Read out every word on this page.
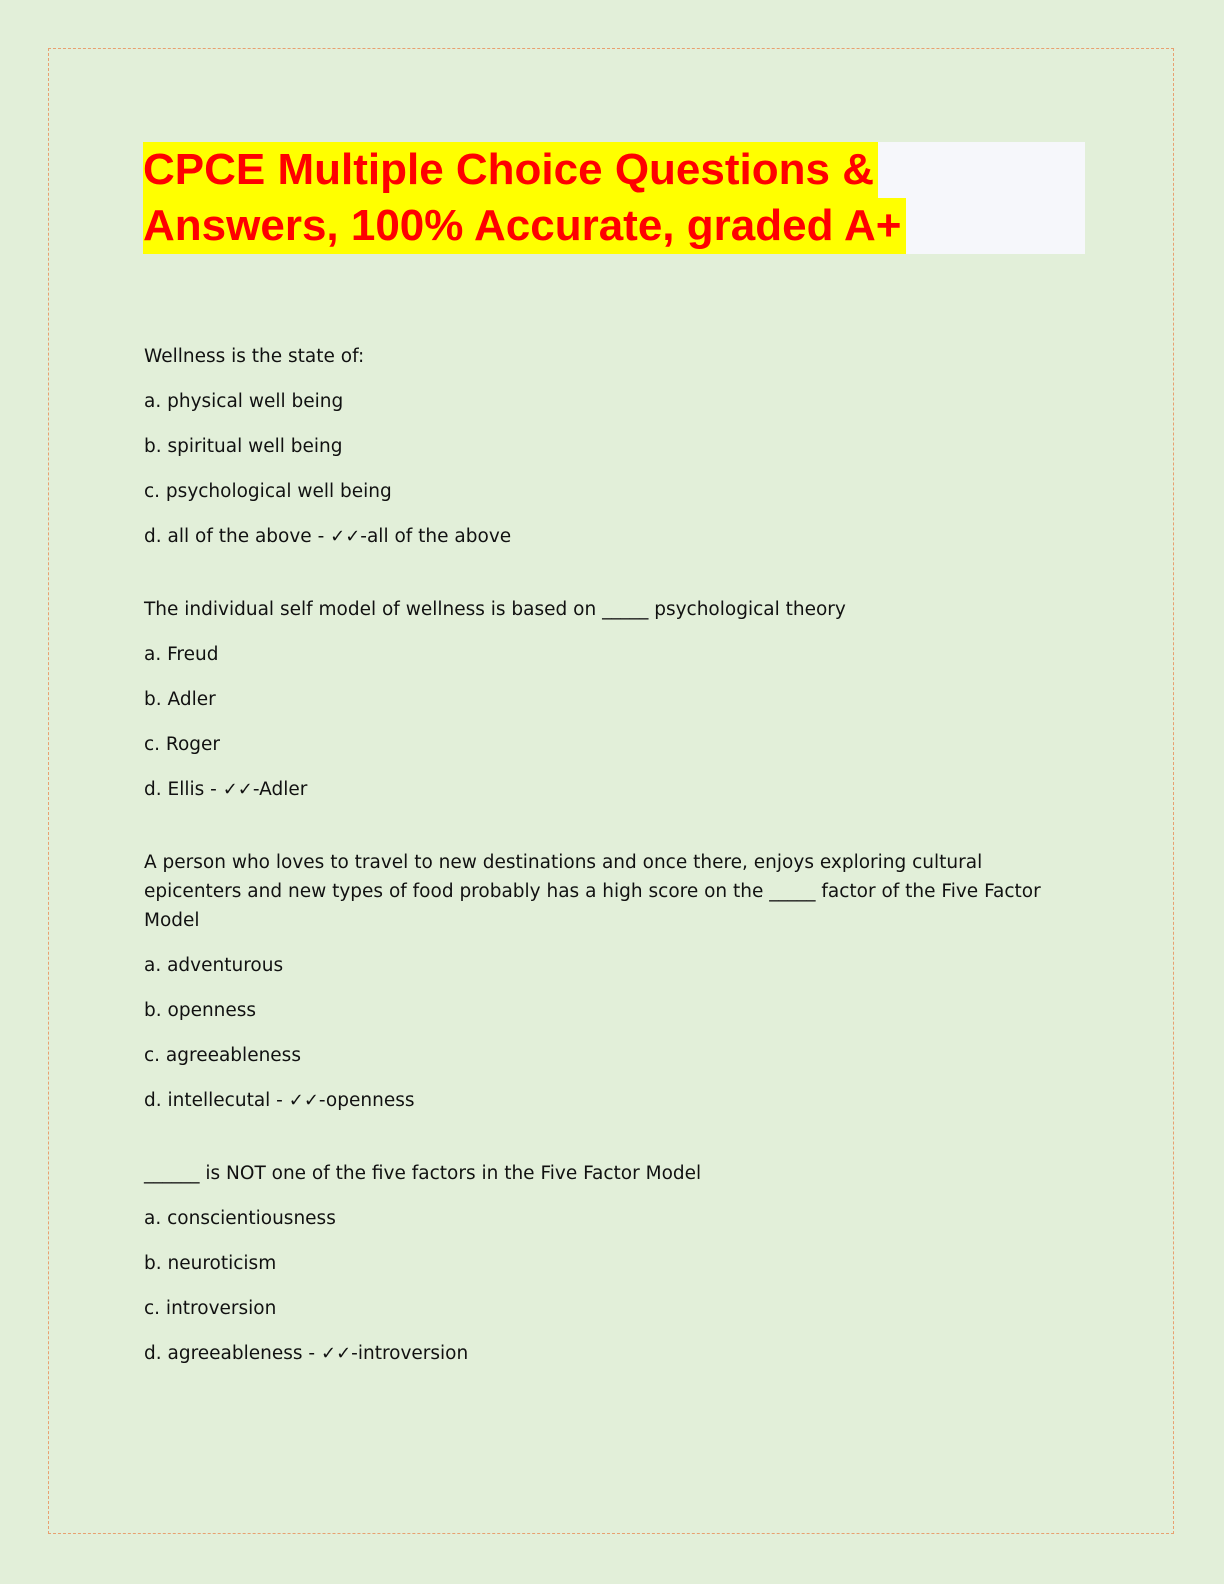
CPCE Multiple Choice Questions &
Answers, 100% Accurate, graded A+

Wellness is the state of:

a. physical well being

b. spiritual well being

c. psychological well being

d. all of the above - ✓✓-all of the above

The individual self model of wellness is based on _____ psychological theory

a. Freud

b. Adler

c. Roger

d. Ellis - ✓✓-Adler

A person who loves to travel to new destinations and once there, enjoys exploring cultural epicenters and new types of food probably has a high score on the _____ factor of the Five Factor Model

a. adventurous

b. openness

c. agreeableness

d. intellecutal - ✓✓-openness

______ is NOT one of the five factors in the Five Factor Model

a. conscientiousness

b. neuroticism

c. introversion

d. agreeableness - ✓✓-introversion
